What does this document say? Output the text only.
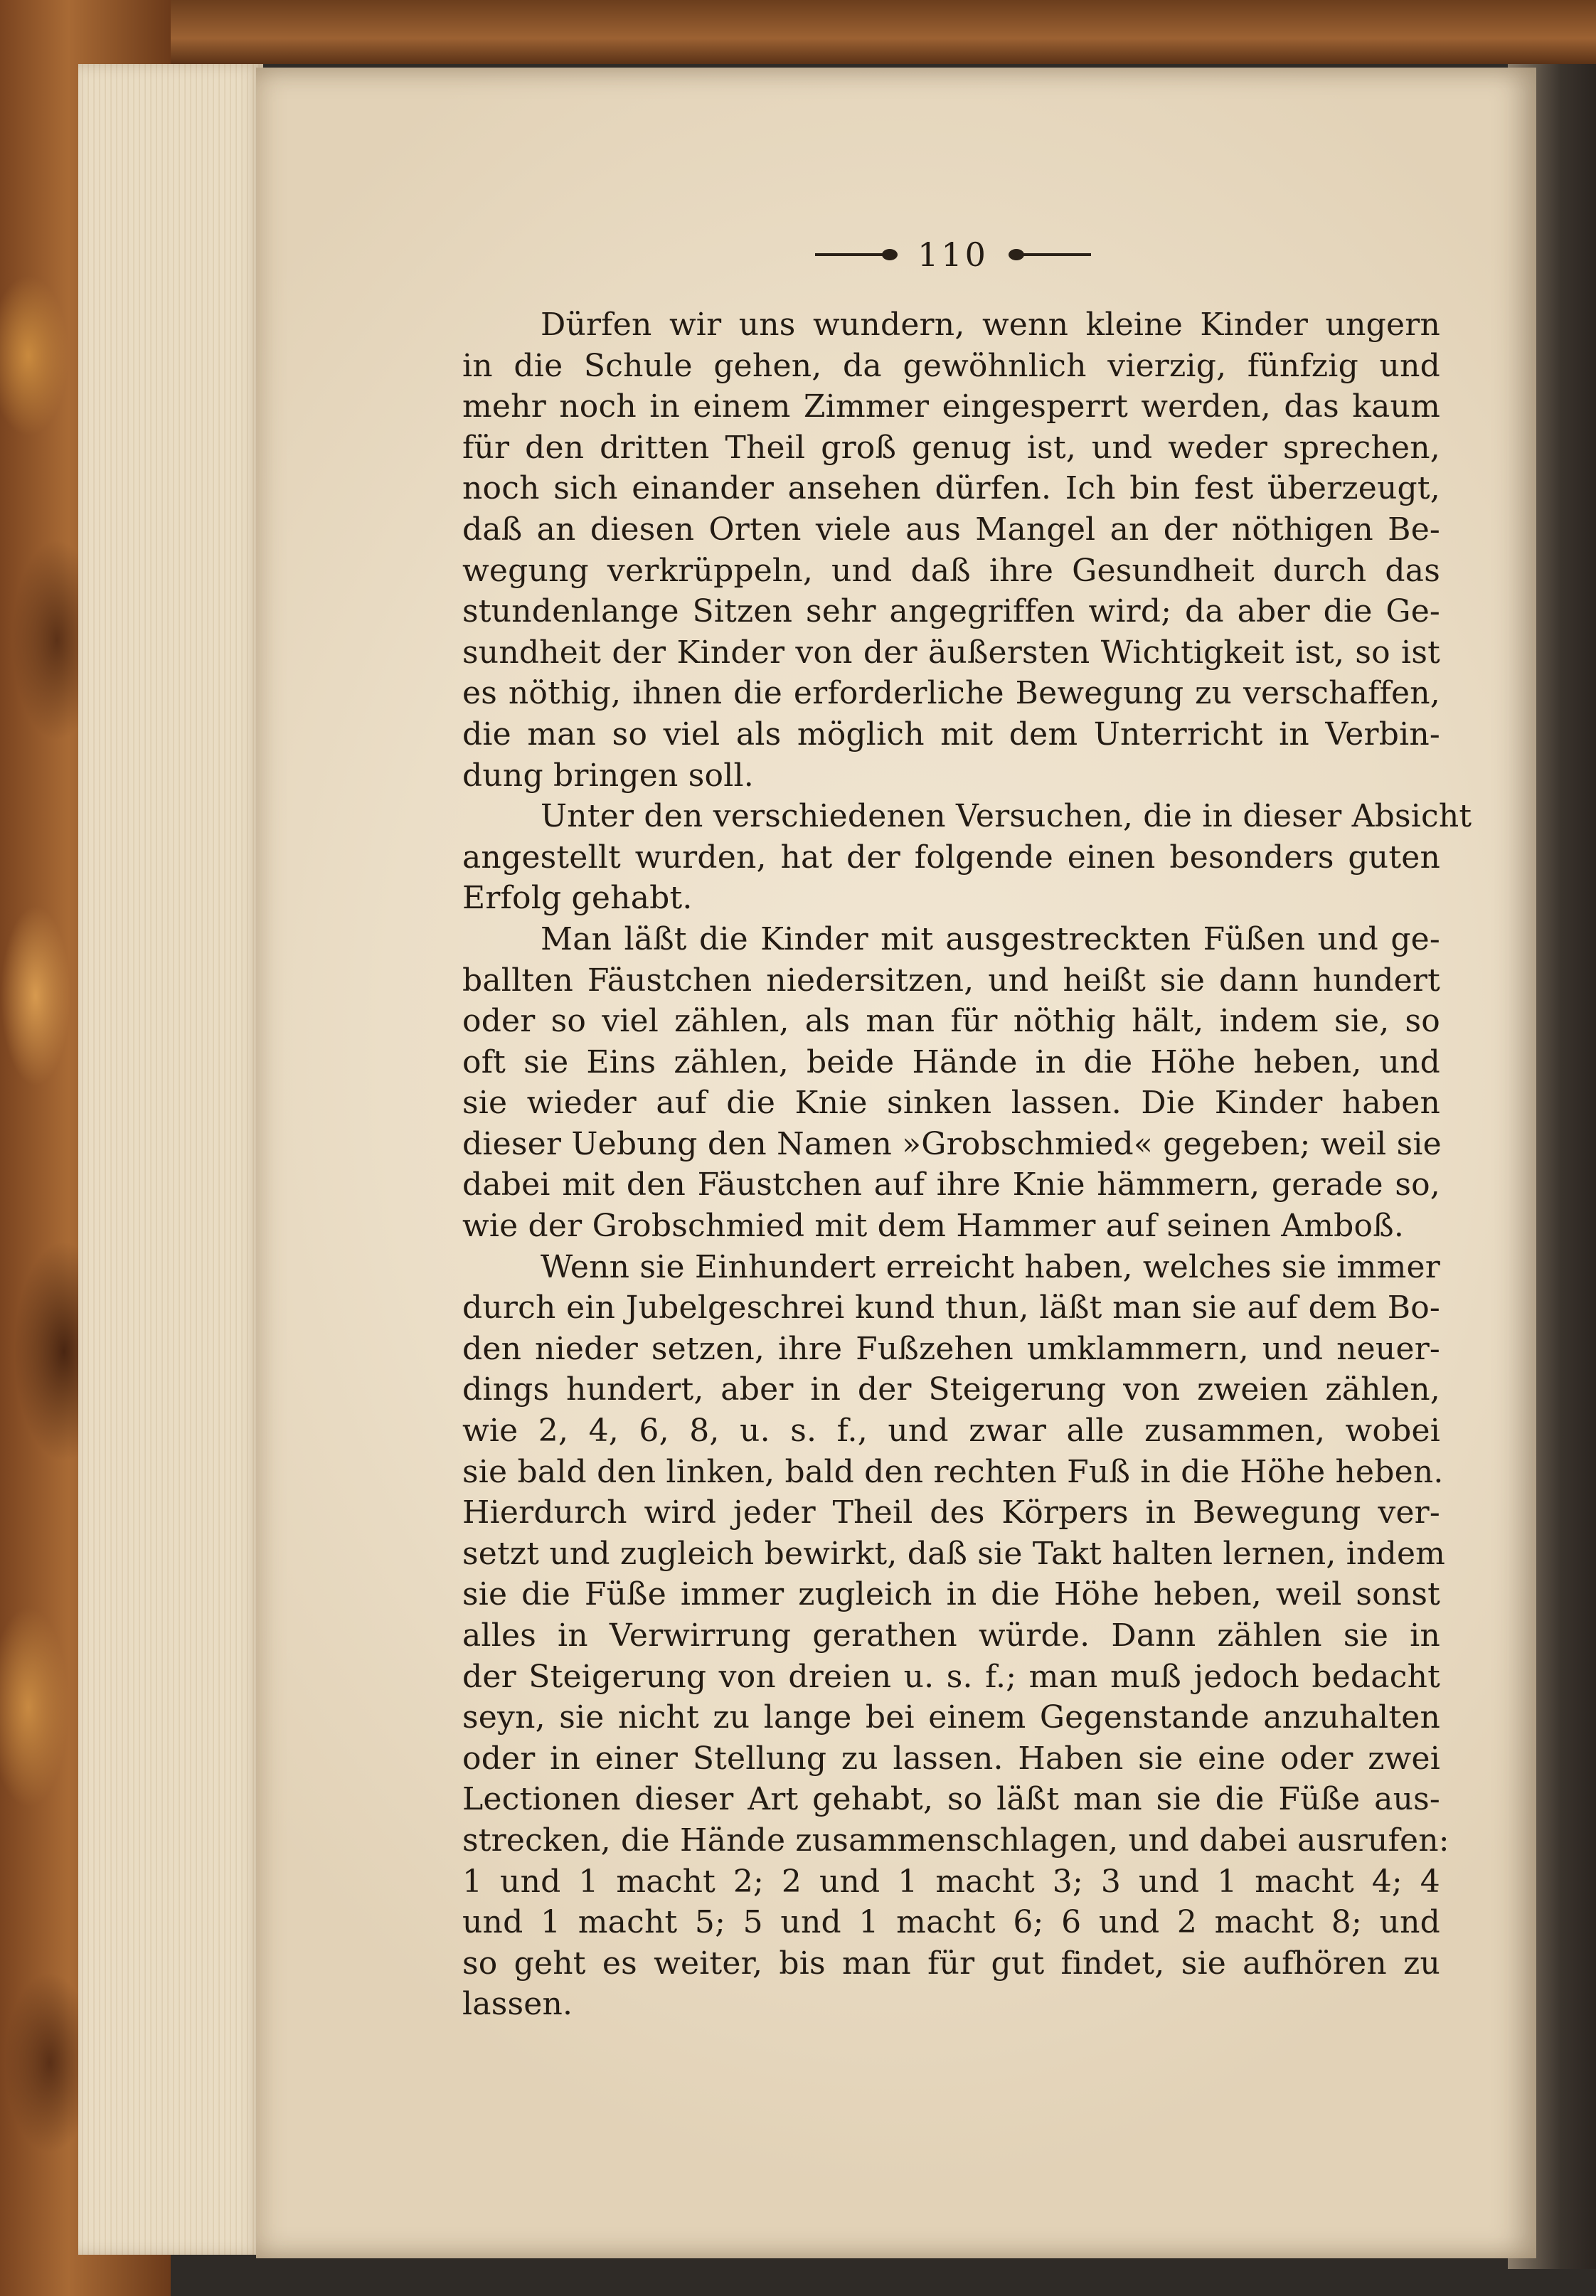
110

Dürfen wir uns wundern, wenn kleine Kinder ungern
in die Schule gehen, da gewöhnlich vierzig, fünfzig und
mehr noch in einem Zimmer eingesperrt werden, das kaum
für den dritten Theil groß genug ist, und weder sprechen,
noch sich einander ansehen dürfen. Ich bin fest überzeugt,
daß an diesen Orten viele aus Mangel an der nöthigen Be-
wegung verkrüppeln, und daß ihre Gesundheit durch das
stundenlange Sitzen sehr angegriffen wird; da aber die Ge-
sundheit der Kinder von der äußersten Wichtigkeit ist, so ist
es nöthig, ihnen die erforderliche Bewegung zu verschaffen,
die man so viel als möglich mit dem Unterricht in Verbin-
dung bringen soll.

Unter den verschiedenen Versuchen, die in dieser Absicht
angestellt wurden, hat der folgende einen besonders guten
Erfolg gehabt.

Man läßt die Kinder mit ausgestreckten Füßen und ge-
ballten Fäustchen niedersitzen, und heißt sie dann hundert
oder so viel zählen, als man für nöthig hält, indem sie, so
oft sie Eins zählen, beide Hände in die Höhe heben, und
sie wieder auf die Knie sinken lassen. Die Kinder haben
dieser Uebung den Namen »Grobschmied« gegeben; weil sie
dabei mit den Fäustchen auf ihre Knie hämmern, gerade so,
wie der Grobschmied mit dem Hammer auf seinen Amboß.

Wenn sie Einhundert erreicht haben, welches sie immer
durch ein Jubelgeschrei kund thun, läßt man sie auf dem Bo-
den nieder setzen, ihre Fußzehen umklammern, und neuer-
dings hundert, aber in der Steigerung von zweien zählen,
wie 2, 4, 6, 8, u. s. f., und zwar alle zusammen, wobei
sie bald den linken, bald den rechten Fuß in die Höhe heben.
Hierdurch wird jeder Theil des Körpers in Bewegung ver-
setzt und zugleich bewirkt, daß sie Takt halten lernen, indem
sie die Füße immer zugleich in die Höhe heben, weil sonst
alles in Verwirrung gerathen würde. Dann zählen sie in
der Steigerung von dreien u. s. f.; man muß jedoch bedacht
seyn, sie nicht zu lange bei einem Gegenstande anzuhalten
oder in einer Stellung zu lassen. Haben sie eine oder zwei
Lectionen dieser Art gehabt, so läßt man sie die Füße aus-
strecken, die Hände zusammenschlagen, und dabei ausrufen:
1 und 1 macht 2; 2 und 1 macht 3; 3 und 1 macht 4; 4
und 1 macht 5; 5 und 1 macht 6; 6 und 2 macht 8; und
so geht es weiter, bis man für gut findet, sie aufhören zu
lassen.
